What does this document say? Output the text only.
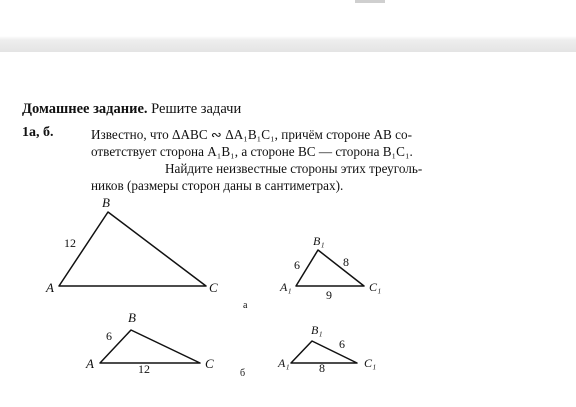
Домашнее задание. Решите задачи
1а, б.	Известно, что ΔABC ∾ ΔA₁B₁C₁, причём стороне AB со-
ответствует сторона A₁B₁, а стороне BC — сторона B₁C₁.

Найдите неизвестные стороны этих треуголь-
ников (размеры сторон даны в сантиметрах).
A
B
C	A₁
B₁
C₁
A
B
C	A₁
B₁
C₁
12
6	8
9
6
12
6
8
а
б
